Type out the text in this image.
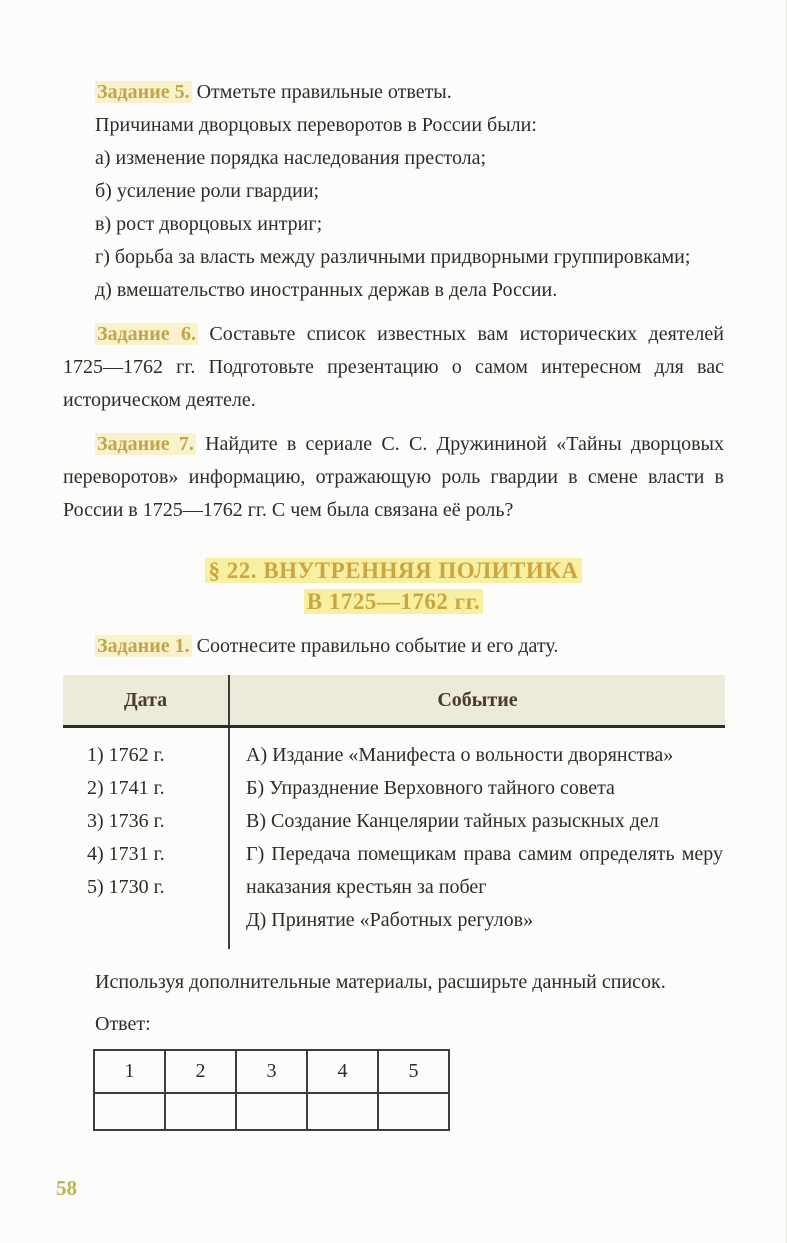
Задание 5. Отметьте правильные ответы.

Причинами дворцовых переворотов в России были:

а) изменение порядка наследования престола;

б) усиление роли гвардии;

в) рост дворцовых интриг;

г) борьба за власть между различными придворными группировками;

д) вмешательство иностранных держав в дела России.

Задание 6. Составьте список известных вам исторических деятелей 1725—1762 гг. Подготовьте презентацию о самом интересном для вас историческом деятеле.

Задание 7. Найдите в сериале С. С. Дружининой «Тайны дворцовых переворотов» информацию, отражающую роль гвардии в смене власти в России в 1725—1762 гг. С чем была связана её роль?

§ 22. ВНУТРЕННЯЯ ПОЛИТИКА
В 1725—1762 гг.

Задание 1. Соотнесите правильно событие и его дату.

Дата	Событие
1) 1762 г.
2) 1741 г.
3) 1736 г.
4) 1731 г.
5) 1730 г.

А) Издание «Манифеста о вольности дворянства»

Б) Упразднение Верховного тайного совета

В) Создание Канцелярии тайных разыскных дел

Г) Передача помещикам права самим определять меру наказания крестьян за побег

Д) Принятие «Работных регулов»

Используя дополнительные материалы, расширьте данный список.

Ответ:

1	2	3	4	5

58
